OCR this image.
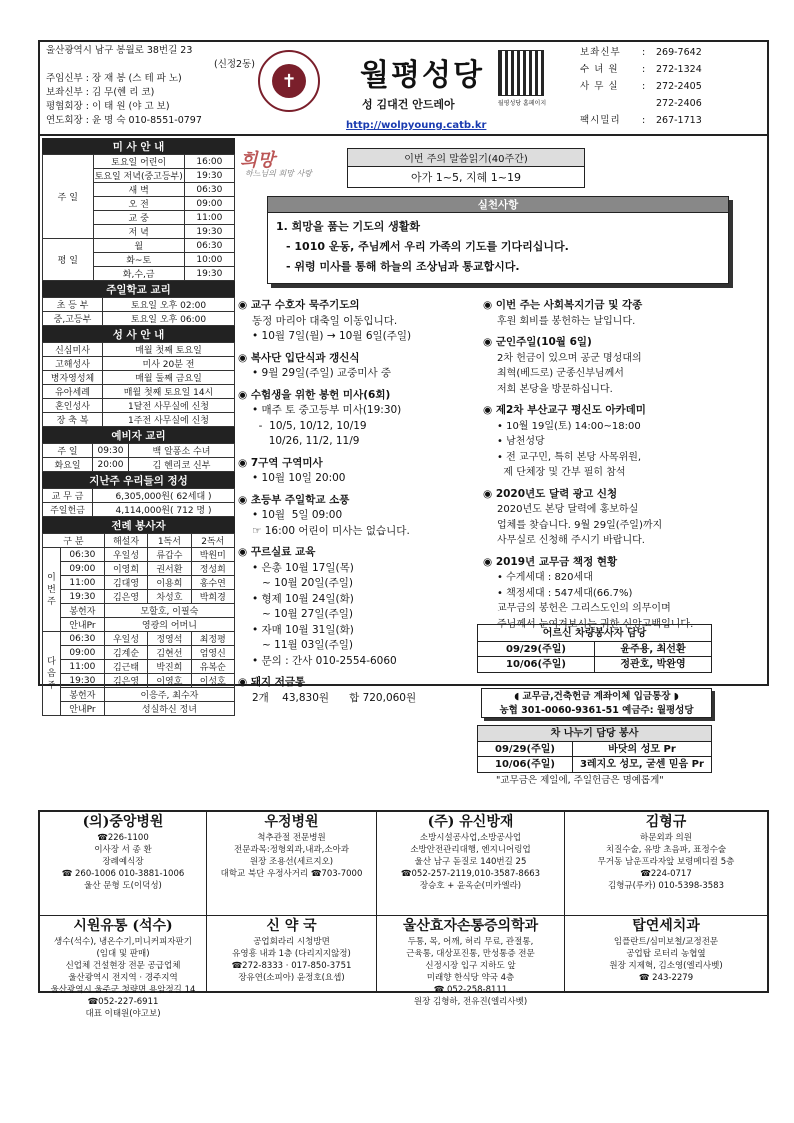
울산광역시 남구 봉월로 38번길 23
(신정2동)
주임신부 : 장 재 봉 (스 테 파 노)
보좌신부 : 김 무(헨 리 코)
평협회장 : 이 태 원 (야 고 보)
연도회장 : 윤 명 숙 010-8551-0797
✝	월평성당
성 김대건 안드레아	월평성당 홈페이지
http://wolpyoung.catb.kr
보좌신부	:	269-7642
수 녀 원	:	272-1324
사 무 실	:	272-2405
272-2406
팩시밀리	:	267-1713
미 사 안 내
주 일	토요일 어린이	16:00
	토요일 저녁(중고등부)	19:30
	새 벽	06:30
	오 전	09:00
	교 중	11:00
	저 녁	19:30
평 일	월	06:30
	화~토	10:00
	화,수,금	19:30
주일학교 교리
초 등 부	토요일 오후 02:00
중,고등부	토요일 오후 06:00
성 사 안 내
신심미사	매월 첫째 토요일
고해성사	미사 20분 전
병자영성체	매월 둘째 금요일
유아세례	매월 첫째 토요일 14시
혼인성사	1달전 사무실에 신청
장 축 복	1주전 사무실에 신청
예비자 교리
주 일	09:30	백 알퐁소 수녀
화요일	20:00	김 헨리코 신부
지난주 우리들의 정성
교 무 금	6,305,000원( 62세대 )
주일헌금	4,114,000원( 712 명 )
전례 봉사자
구 분		해설자	1독서	2독서
이번주	06:30	우일성	류갑수	박원미
	09:00	이영희	권서환	정성희
	11:00	김대영	이용희	홍수연
	19:30	김은영	차성호	박희경
	봉헌자	모할호, 이필숙		
	안내Pr	영광의 어머니		
다음주	06:30	우일성	정영석	최정평
	09:00	김계순	김현선	엄영신
	11:00	김근태	박진희	유복순
	19:30	김은영	이영호	이성호
	봉헌자	이응주, 최수자		
	안내Pr	성실하신 정녀		
희망
하느님의 희망 사랑
이번 주의 말씀읽기(40주간)
아가 1~5, 지혜 1~19
실천사항
1. 희망을 품는 기도의 생활화
- 1010 운동, 주님께서 우리 가족의 기도를 기다리십니다.
- 위령 미사를 통해 하늘의 조상님과 통교합시다.
◉ 교구 수호자 묵주기도의
동정 마리아 대축일 이동입니다.
• 10월 7일(월) → 10월 6일(주일)
◉ 복사단 입단식과 갱신식
• 9월 29일(주일) 교중미사 중
◉ 수험생을 위한 봉헌 미사(6회)
• 매주 토 중고등부 미사(19:30)
-  10/5, 10/12, 10/19
10/26, 11/2, 11/9
◉ 7구역 구역미사
• 10월 10일 20:00
◉ 초등부 주일학교 소풍
• 10월  5일 09:00
☞ 16:00 어린이 미사는 없습니다.
◉ 꾸르실료 교육
• 은총 10월 17일(목)
~ 10월 20일(주일)
• 형제 10월 24일(화)
~ 10월 27일(주일)
• 자매 10월 31일(화)
~ 11월 03일(주일)
• 문의 : 간사 010-2554-6060
◉ 돼지 저금통
2개    43,830원      합 720,060원
◉ 이번 주는 사회복지기금 및 각종
후원 회비를 봉헌하는 날입니다.
◉ 군인주일(10월 6일)
2차 헌금이 있으며 공군 명성대의
최혁(베드로) 군종신부님께서
저희 본당을 방문하십니다.
◉ 제2차 부산교구 평신도 아카데미
• 10월 19일(토) 14:00~18:00
• 남천성당
• 전 교구민, 특히 본당 사목위원,
제 단체장 및 간부 필히 참석
◉ 2020년도 달력 광고 신청
2020년도 본당 달력에 홍보하실
업체를 찾습니다. 9월 29일(주일)까지
사무실로 신청해 주시기 바랍니다.
◉ 2019년 교무금 책정 현황
• 수게세대 : 820세대
• 책정세대 : 547세대(66.7%)
교무금의 봉헌은 그리스도인의 의무이며
주님께서 눈여겨보시는 귀한 신앙고백입니다.
어르신 차량봉사자 담당
09/29(주일)	윤주용, 최선환
10/06(주일)	정관호, 박완영
◖ 교무금,건축헌금 계좌이체 입금통장 ◗
농협 301-0060-9361-51 예금주: 월평성당
차 나누기 담당 봉사
09/29(주일)	바닷의 성모 Pr
10/06(주일)	3레지오 성모, 굳센 믿음 Pr
"교무금은 제일에, 주일헌금은 명예롭게"
(의)중앙병원
☎226-1100
이사장 서 종 환
장례예식장
☎ 260-1006 010-3881-1006
울산 문형 도(이덕성)
우정병원
척추관절 전문병원
전문과목:정형외과,내과,소아과
원장 조용선(세르지오)
대학교 북단 우정사거리 ☎703-7000
(주) 유신방재
소방시설공사업,소방공사업
소방안전관리대행, 엔지니어링업
울산 남구 돋질로 140번길 25
☎052-257-2119,010-3587-8663
장승호 + 윤옥순(미카엘라)
김형규
하문외과 의원
치질수술, 유방 초음파, 표정수술
무거동 남운프라자앞 보령메디컬 5층
☎224-0717
김형규(루카) 010-5398-3583
시원유통 (석수)
생수(석수), 냉온수기,미니커피자판기
(임대 및 판매)
신업체 건설현장 전문 공급업체
울산광역시 전지역 · 경주지역
울산광역시 울주군 청량면 용암정길 14
☎052-227-6911
대표 이태원(야고보)
신 약 국
공업회라리 시청방면
유영흥 내과 1층 (다리지지않정)
☎272-8333 · 017-850-3751
장유연(소피아) 윤정호(요셉)
울산효자손통증의학과
두통, 목, 어깨, 허리 무료, 관절통,
근육통, 대상포진통, 만성통증 전문
신정시장 입구 지하도 앞
미래향 한식당 약국 4층
☎ 052-258-8111
원장 김형하, 전유진(엘리사벳)
탑연세치과
임플란트/심미보철/교정전문
공업탑 로터리 농협옆
원장 지제혁, 김소영(엘리사벳)
☎ 243-2279
